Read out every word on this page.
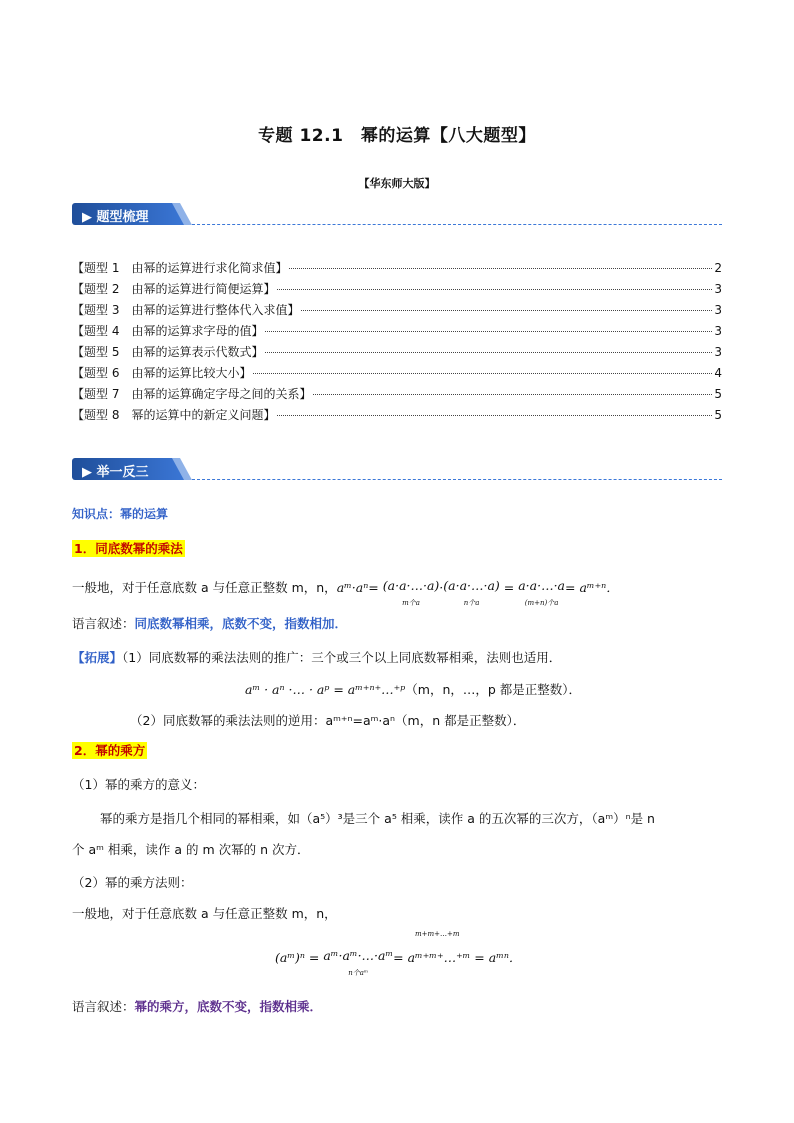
专题 12.1　幂的运算【八大题型】
【华东师大版】
▶ 题型梳理
【题型 1　由幂的运算进行求化简求值】	2
【题型 2　由幂的运算进行简便运算】	3
【题型 3　由幂的运算进行整体代入求值】	3
【题型 4　由幂的运算求字母的值】	3
【题型 5　由幂的运算表示代数式】	3
【题型 6　由幂的运算比较大小】	4
【题型 7　由幂的运算确定字母之间的关系】	5
【题型 8　幂的运算中的新定义问题】	5
▶ 举一反三
知识点：幂的运算
1．同底数幂的乘法
一般地，对于任意底数 a 与任意正整数 m，n，aᵐ·aⁿ= (a·a·…·a)
m个a·(a·a·…·a)
n个a = a·a·…·a
(m+n)个a= aᵐ⁺ⁿ．
语言叙述：同底数幂相乘，底数不变，指数相加．
【拓展】（1）同底数幂的乘法法则的推广：三个或三个以上同底数幂相乘，法则也适用．
aᵐ · aⁿ ·… · aᵖ = aᵐ⁺ⁿ⁺…⁺ᵖ（m，n，…，p 都是正整数）．
（2）同底数幂的乘法法则的逆用：aᵐ⁺ⁿ=aᵐ·aⁿ（m，n 都是正整数）．
2．幂的乘方
（1）幂的乘方的意义：
幂的乘方是指几个相同的幂相乘，如（a⁵）³是三个 a⁵ 相乘，读作 a 的五次幂的三次方，（aᵐ）ⁿ是 n
个 aᵐ 相乘，读作 a 的 m 次幂的 n 次方．
（2）幂的乘方法则：
一般地，对于任意底数 a 与任意正整数 m，n，
m+m+…+m
(aᵐ)ⁿ = aᵐ·aᵐ·…·aᵐ
n个aᵐ= aᵐ⁺ᵐ⁺…⁺ᵐ = aᵐⁿ．
语言叙述：幂的乘方，底数不变，指数相乘．
